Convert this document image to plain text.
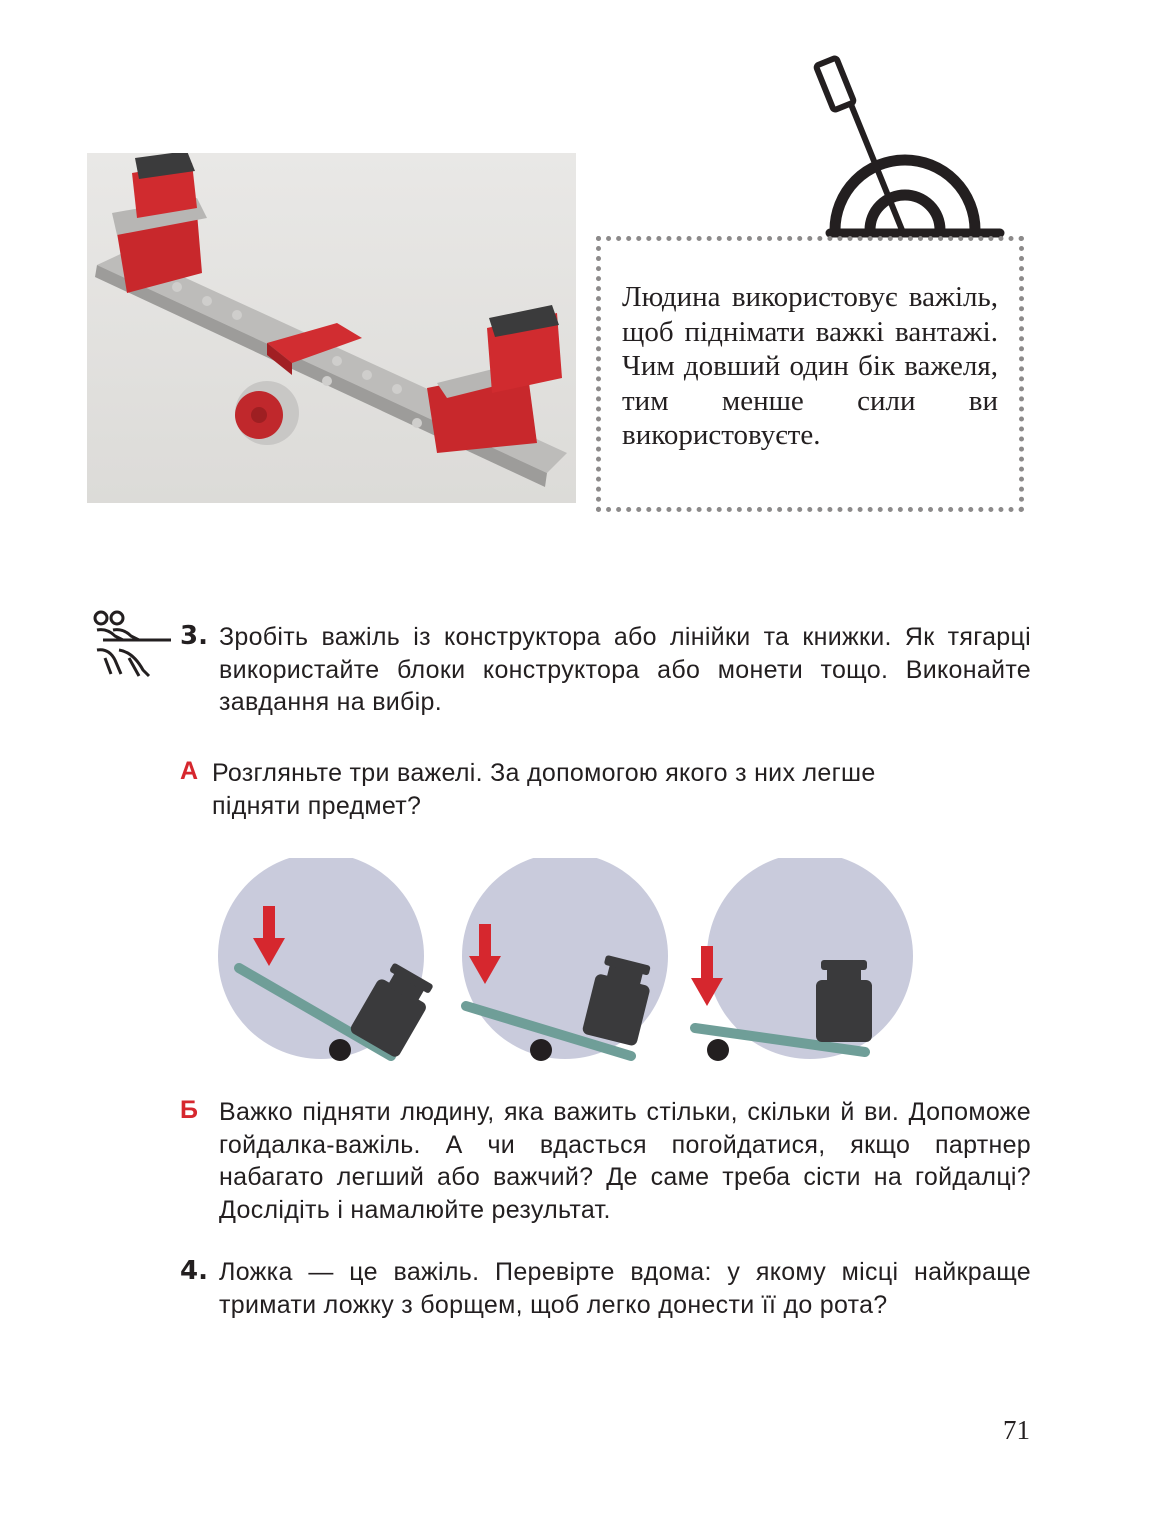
Людина використовує важіль, щоб піднімати важкі вантажі. Чим довший один бік важеля, тим менше сили ви використовуєте.
3. Зробіть важіль із конструктора або лінійки та книжки. Як тягарці використайте блоки конструктора або монети тощо. Виконайте завдання на вибір.
А Розгляньте три важелі. За допомогою якого з них легше підняти предмет?
Б Важко підняти людину, яка важить стільки, скільки й ви. Допоможе гойдалка-важіль. А чи вдасться погойдатися, якщо партнер набагато легший або важчий? Де саме треба сісти на гойдалці? Дослідіть і намалюйте результат.
4. Ложка — це важіль. Перевірте вдома: у якому місці найкраще тримати ложку з борщем, щоб легко донести її до рота?
71
